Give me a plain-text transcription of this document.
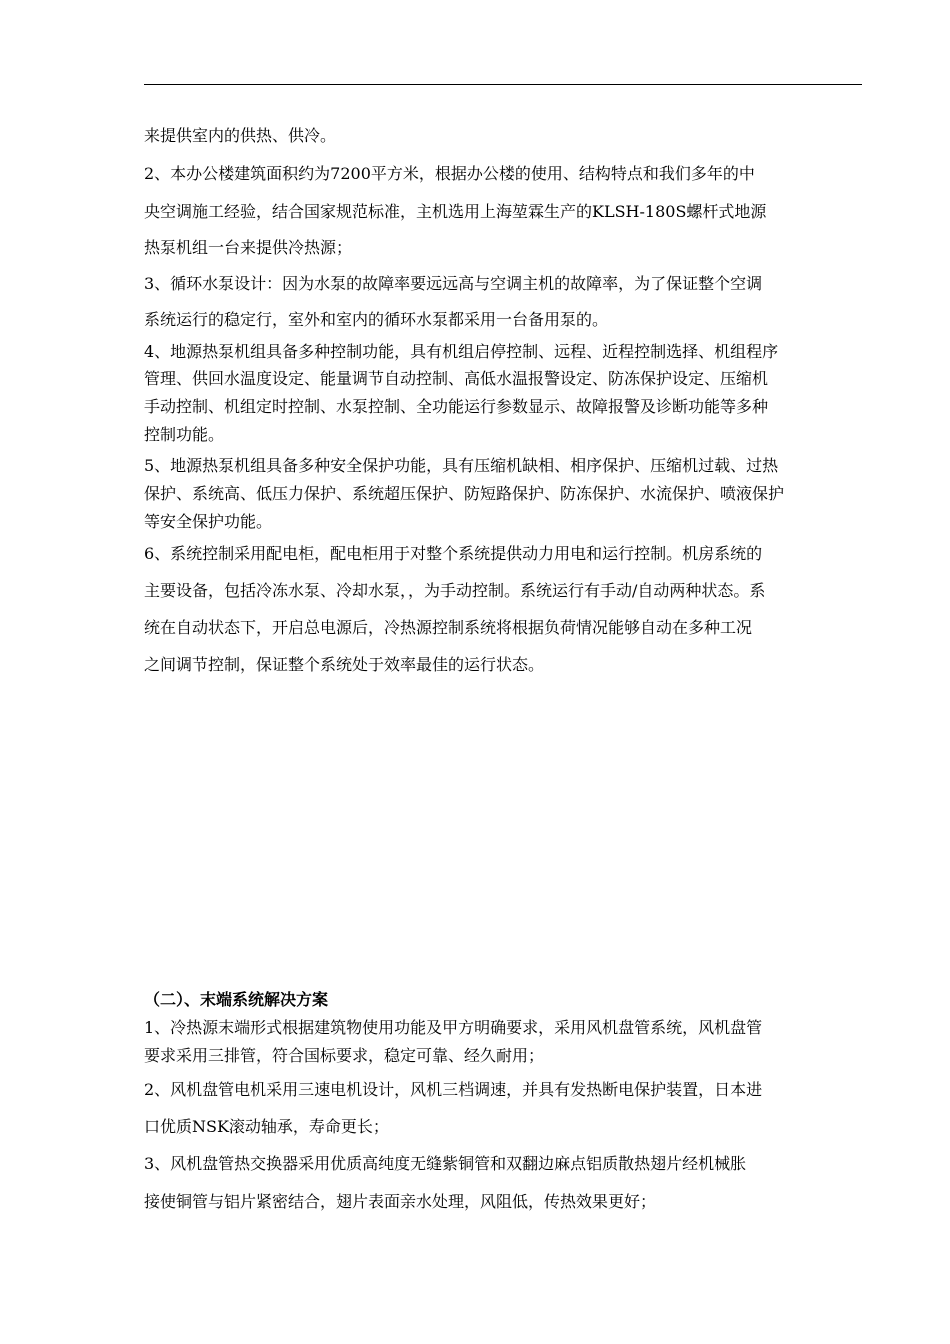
来提供室内的供热、供冷。
2、本办公楼建筑面积约为7200平方米，根据办公楼的使用、结构特点和我们多年的中
央空调施工经验，结合国家规范标准，主机选用上海堃霖生产的KLSH-180S螺杆式地源
热泵机组一台来提供冷热源；
3、循环水泵设计：因为水泵的故障率要远远高与空调主机的故障率，为了保证整个空调
系统运行的稳定行，室外和室内的循环水泵都采用一台备用泵的。
4、地源热泵机组具备多种控制功能，具有机组启停控制、远程、近程控制选择、机组程序
管理、供回水温度设定、能量调节自动控制、高低水温报警设定、防冻保护设定、压缩机
手动控制、机组定时控制、水泵控制、全功能运行参数显示、故障报警及诊断功能等多种
控制功能。
5、地源热泵机组具备多种安全保护功能，具有压缩机缺相、相序保护、压缩机过载、过热
保护、系统高、低压力保护、系统超压保护、防短路保护、防冻保护、水流保护、喷液保护
等安全保护功能。
6、系统控制采用配电柜，配电柜用于对整个系统提供动力用电和运行控制。机房系统的
主要设备，包括冷冻水泵、冷却水泵，，为手动控制。系统运行有手动/自动两种状态。系
统在自动状态下，开启总电源后，冷热源控制系统将根据负荷情况能够自动在多种工况
之间调节控制，保证整个系统处于效率最佳的运行状态。
（二）、末端系统解决方案
1、冷热源末端形式根据建筑物使用功能及甲方明确要求，采用风机盘管系统，风机盘管
要求采用三排管，符合国标要求，稳定可靠、经久耐用；
2、风机盘管电机采用三速电机设计，风机三档调速，并具有发热断电保护装置，日本进
口优质NSK滚动轴承，寿命更长；
3、风机盘管热交换器采用优质高纯度无缝紫铜管和双翻边麻点铝质散热翅片经机械胀
接使铜管与铝片紧密结合，翅片表面亲水处理，风阻低，传热效果更好；
